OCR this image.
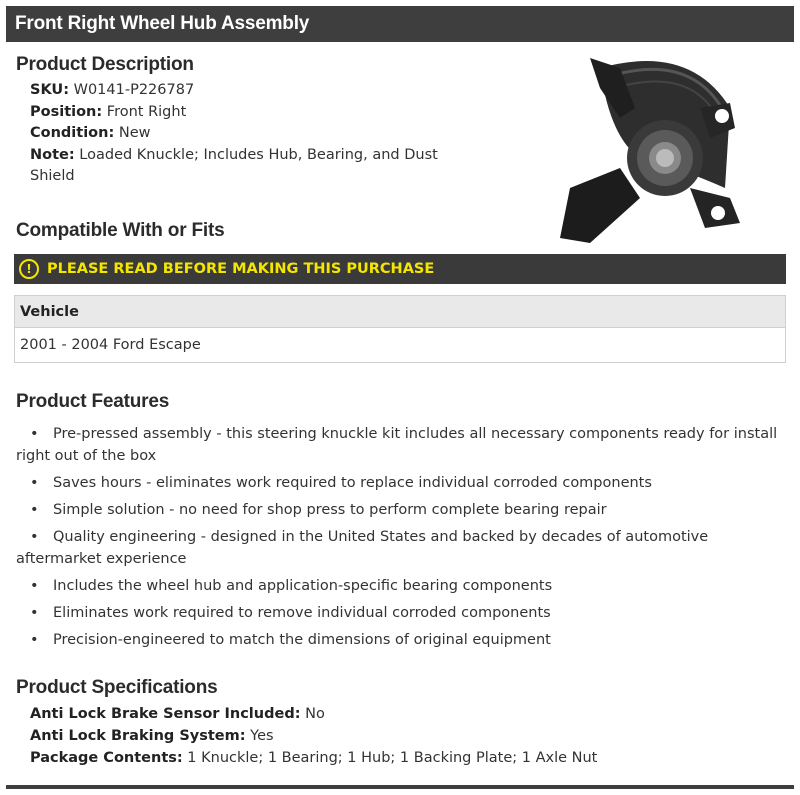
Front Right Wheel Hub Assembly
Product Description
SKU: W0141-P226787
Position: Front Right
Condition: New
Note: Loaded Knuckle; Includes Hub, Bearing, and Dust Shield
Compatible With or Fits
!	PLEASE READ BEFORE MAKING THIS PURCHASE
Vehicle
2001 - 2004 Ford Escape
Product Features
• Pre-pressed assembly - this steering knuckle kit includes all necessary components ready for install right out of the box
• Saves hours - eliminates work required to replace individual corroded components
• Simple solution - no need for shop press to perform complete bearing repair
• Quality engineering - designed in the United States and backed by decades of automotive aftermarket experience
• Includes the wheel hub and application-specific bearing components
• Eliminates work required to remove individual corroded components
• Precision-engineered to match the dimensions of original equipment
Product Specifications
Anti Lock Brake Sensor Included: No
Anti Lock Braking System: Yes
Package Contents: 1 Knuckle; 1 Bearing; 1 Hub; 1 Backing Plate; 1 Axle Nut
